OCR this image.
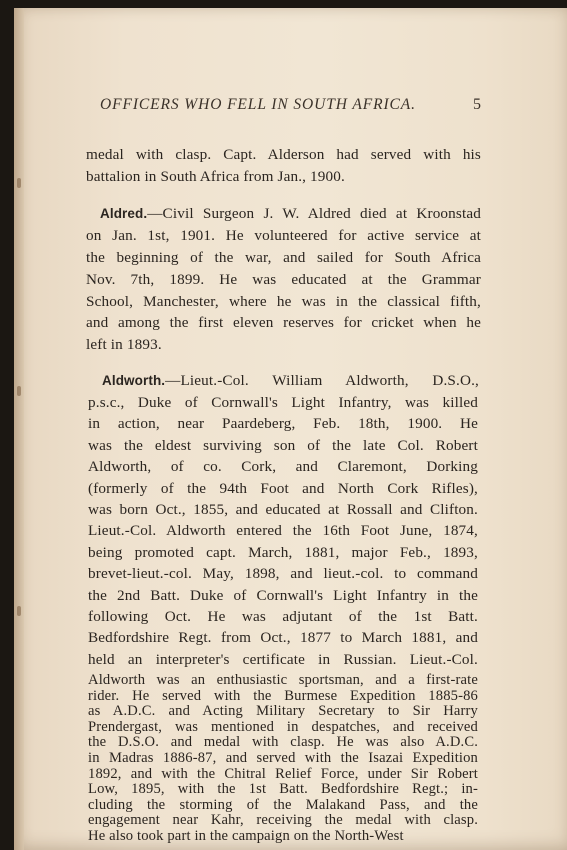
OFFICERS WHO FELL IN SOUTH AFRICA.	5
medal with clasp. Capt. Alderson had served with his
battalion in South Africa from Jan., 1900.
Aldred.—Civil Surgeon J. W. Aldred died at Kroonstad
on Jan. 1st, 1901. He volunteered for active service at
the beginning of the war, and sailed for South Africa
Nov. 7th, 1899. He was educated at the Grammar
School, Manchester, where he was in the classical fifth,
and among the first eleven reserves for cricket when he
left in 1893.
Aldworth.—Lieut.-Col. William Aldworth, D.S.O.,
p.s.c., Duke of Cornwall's Light Infantry, was killed
in action, near Paardeberg, Feb. 18th, 1900. He
was the eldest surviving son of the late Col. Robert
Aldworth, of co. Cork, and Claremont, Dorking
(formerly of the 94th Foot and North Cork Rifles),
was born Oct., 1855, and educated at Rossall and Clifton.
Lieut.-Col. Aldworth entered the 16th Foot June, 1874,
being promoted capt. March, 1881, major Feb., 1893,
brevet-lieut.-col. May, 1898, and lieut.-col. to command
the 2nd Batt. Duke of Cornwall's Light Infantry in the
following Oct. He was adjutant of the 1st Batt.
Bedfordshire Regt. from Oct., 1877 to March 1881, and
held an interpreter's certificate in Russian. Lieut.-Col.
Aldworth was an enthusiastic sportsman, and a first-rate
rider. He served with the Burmese Expedition 1885-86
as A.D.C. and Acting Military Secretary to Sir Harry
Prendergast, was mentioned in despatches, and received
the D.S.O. and medal with clasp. He was also A.D.C.
in Madras 1886-87, and served with the Isazai Expedition
1892, and with the Chitral Relief Force, under Sir Robert
Low, 1895, with the 1st Batt. Bedfordshire Regt.; in-
cluding the storming of the Malakand Pass, and the
engagement near Kahr, receiving the medal with clasp.
He also took part in the campaign on the North-West
